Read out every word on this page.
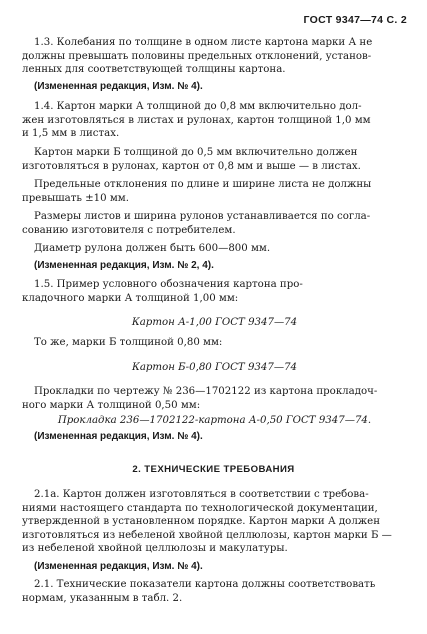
ГОСТ 9347—74 С. 2

1.3. Колебания по толщине в одном листе картона марки А не
должны превышать половины предельных отклонений, установ-
ленных для соответствующей толщины картона.

(Измененная редакция, Изм. № 4).

1.4. Картон марки А толщиной до 0,8 мм включительно дол-
жен изготовляться в листах и рулонах, картон толщиной 1,0 мм
и 1,5 мм в листах.

Картон марки Б толщиной до 0,5 мм включительно должен
изготовляться в рулонах, картон от 0,8 мм и выше — в листах.

Предельные отклонения по длине и ширине листа не должны
превышать ±10 мм.

Размеры листов и ширина рулонов устанавливается по согла-
сованию изготовителя с потребителем.

Диаметр рулона должен быть 600—800 мм.

(Измененная редакция, Изм. № 2, 4).

1.5. Пример условного обозначения картона про-
кладочного марки А толщиной 1,00 мм:

Картон А-1,00 ГОСТ 9347—74

То же, марки Б толщиной 0,80 мм:

Картон Б-0,80 ГОСТ 9347—74

Прокладки по чертежу № 236—1702122 из картона прокладоч-
ного марки А толщиной 0,50 мм:

Прокладка 236—1702122-картона А-0,50 ГОСТ 9347—74.

(Измененная редакция, Изм. № 4).

2. ТЕХНИЧЕСКИЕ ТРЕБОВАНИЯ

2.1а. Картон должен изготовляться в соответствии с требова-
ниями настоящего стандарта по технологической документации,
утвержденной в установленном порядке. Картон марки А должен
изготовляться из небеленой хвойной целлюлозы, картон марки Б —
из небеленой хвойной целлюлозы и макулатуры.

(Измененная редакция, Изм. № 4).

2.1. Технические показатели картона должны соответствовать
нормам, указанным в табл. 2.
